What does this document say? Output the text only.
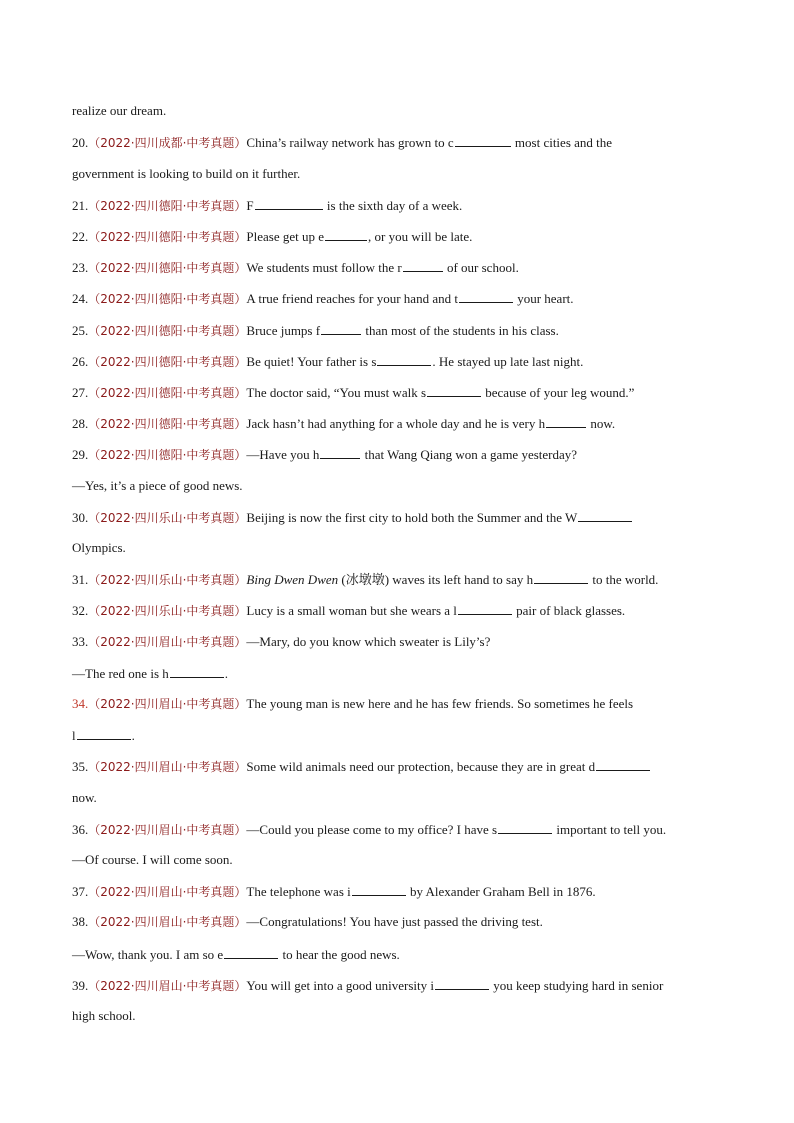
realize our dream.
20.（2022·四川成都·中考真题）China’s railway network has grown to c	most cities and the
government is looking to build on it further.
21.（2022·四川德阳·中考真题）F	is the sixth day of a week.
22.（2022·四川德阳·中考真题）Please get up e	, or you will be late.
23.（2022·四川德阳·中考真题）We students must follow the r	of our school.
24.（2022·四川德阳·中考真题）A true friend reaches for your hand and t	your heart.
25.（2022·四川德阳·中考真题）Bruce jumps f	than most of the students in his class.
26.（2022·四川德阳·中考真题）Be quiet! Your father is s	. He stayed up late last night.
27.（2022·四川德阳·中考真题）The doctor said, “You must walk s	because of your leg wound.”
28.（2022·四川德阳·中考真题）Jack hasn’t had anything for a whole day and he is very h	now.
29.（2022·四川德阳·中考真题）—Have you h	that Wang Qiang won a game yesterday?
—Yes, it’s a piece of good news.
30.（2022·四川乐山·中考真题）Beijing is now the first city to hold both the Summer and the W
Olympics.
31.（2022·四川乐山·中考真题）Bing Dwen Dwen (冰墩墩) waves its left hand to say h	to the world.
32.（2022·四川乐山·中考真题）Lucy is a small woman but she wears a l	pair of black glasses.
33.（2022·四川眉山·中考真题）—Mary, do you know which sweater is Lily’s?
—The red one is h	.
34.（2022·四川眉山·中考真题）The young man is new here and he has few friends. So sometimes he feels
l	.
35.（2022·四川眉山·中考真题）Some wild animals need our protection, because they are in great d
now.
36.（2022·四川眉山·中考真题）—Could you please come to my office? I have s	important to tell you.
—Of course. I will come soon.
37.（2022·四川眉山·中考真题）The telephone was i	by Alexander Graham Bell in 1876.
38.（2022·四川眉山·中考真题）—Congratulations! You have just passed the driving test.
—Wow, thank you. I am so e	to hear the good news.
39.（2022·四川眉山·中考真题）You will get into a good university i	you keep studying hard in senior
high school.
